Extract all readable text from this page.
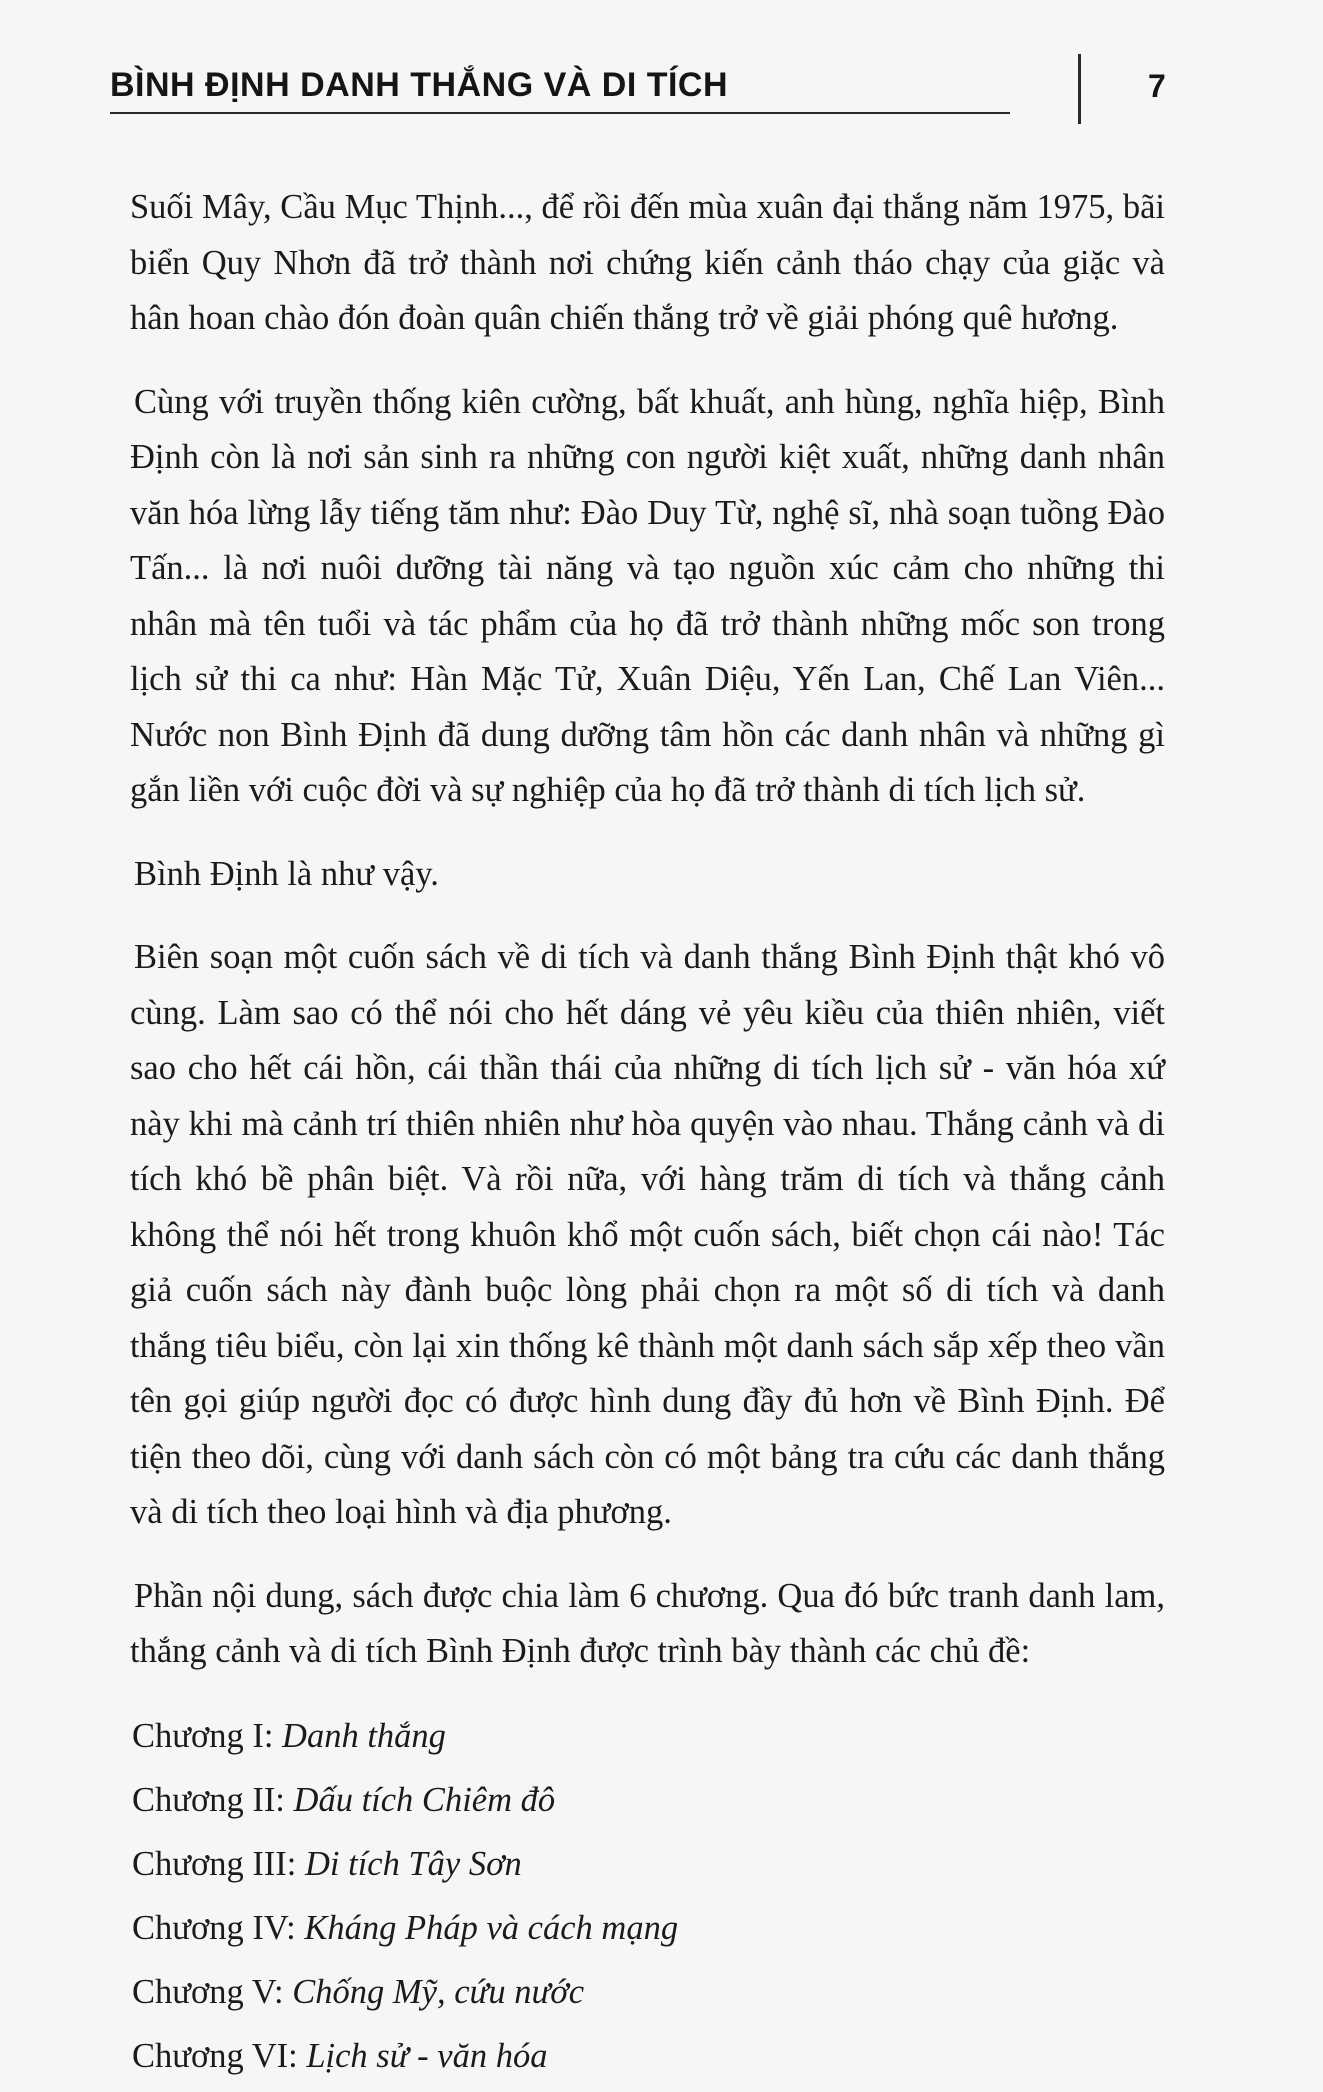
BÌNH ĐỊNH DANH THẮNG VÀ DI TÍCH	7

Suối Mây, Cầu Mục Thịnh..., để rồi đến mùa xuân đại thắng năm 1975, bãi biển Quy Nhơn đã trở thành nơi chứng kiến cảnh tháo chạy của giặc và hân hoan chào đón đoàn quân chiến thắng trở về giải phóng quê hương.

Cùng với truyền thống kiên cường, bất khuất, anh hùng, nghĩa hiệp, Bình Định còn là nơi sản sinh ra những con người kiệt xuất, những danh nhân văn hóa lừng lẫy tiếng tăm như: Đào Duy Từ, nghệ sĩ, nhà soạn tuồng Đào Tấn... là nơi nuôi dưỡng tài năng và tạo nguồn xúc cảm cho những thi nhân mà tên tuổi và tác phẩm của họ đã trở thành những mốc son trong lịch sử thi ca như: Hàn Mặc Tử, Xuân Diệu, Yến Lan, Chế Lan Viên... Nước non Bình Định đã dung dưỡng tâm hồn các danh nhân và những gì gắn liền với cuộc đời và sự nghiệp của họ đã trở thành di tích lịch sử.

Bình Định là như vậy.

Biên soạn một cuốn sách về di tích và danh thắng Bình Định thật khó vô cùng. Làm sao có thể nói cho hết dáng vẻ yêu kiều của thiên nhiên, viết sao cho hết cái hồn, cái thần thái của những di tích lịch sử - văn hóa xứ này khi mà cảnh trí thiên nhiên như hòa quyện vào nhau. Thắng cảnh và di tích khó bề phân biệt. Và rồi nữa, với hàng trăm di tích và thắng cảnh không thể nói hết trong khuôn khổ một cuốn sách, biết chọn cái nào! Tác giả cuốn sách này đành buộc lòng phải chọn ra một số di tích và danh thắng tiêu biểu, còn lại xin thống kê thành một danh sách sắp xếp theo vần tên gọi giúp người đọc có được hình dung đầy đủ hơn về Bình Định. Để tiện theo dõi, cùng với danh sách còn có một bảng tra cứu các danh thắng và di tích theo loại hình và địa phương.

Phần nội dung, sách được chia làm 6 chương. Qua đó bức tranh danh lam, thắng cảnh và di tích Bình Định được trình bày thành các chủ đề:

Chương I: Danh thắng
Chương II: Dấu tích Chiêm đô
Chương III: Di tích Tây Sơn
Chương IV: Kháng Pháp và cách mạng
Chương V: Chống Mỹ, cứu nước
Chương VI: Lịch sử - văn hóa
